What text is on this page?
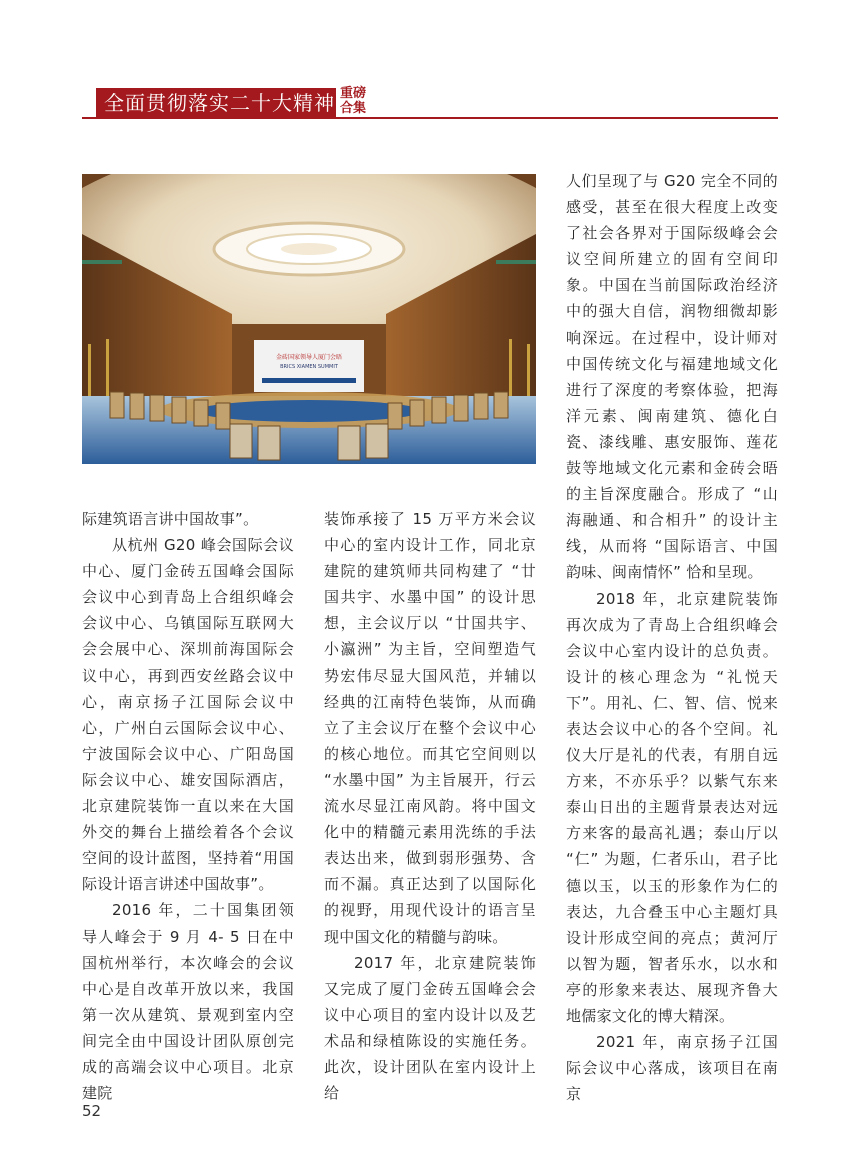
全面贯彻落实二十大精神 重磅
合集
金砖国家领导人厦门会晤
BRICS XIAMEN SUMMIT

际建筑语言讲中国故事”。

从杭州 G20 峰会国际会议中心、厦门金砖五国峰会国际会议中心到青岛上合组织峰会会议中心、乌镇国际互联网大会会展中心、深圳前海国际会议中心，再到西安丝路会议中心，南京扬子江国际会议中心，广州白云国际会议中心、宁波国际会议中心、广阳岛国际会议中心、雄安国际酒店，北京建院装饰一直以来在大国外交的舞台上描绘着各个会议空间的设计蓝图，坚持着“用国际设计语言讲述中国故事”。

2016 年，二十国集团领导人峰会于 9 月 4- 5 日在中国杭州举行，本次峰会的会议中心是自改革开放以来，我国第一次从建筑、景观到室内空间完全由中国设计团队原创完成的高端会议中心项目。北京建院

装饰承接了 15 万平方米会议中心的室内设计工作，同北京建院的建筑师共同构建了 “廿国共宇、水墨中国” 的设计思想，主会议厅以 “廿国共宇、小瀛洲” 为主旨，空间塑造气势宏伟尽显大国风范，并辅以经典的江南特色装饰，从而确立了主会议厅在整个会议中心的核心地位。而其它空间则以 “水墨中国” 为主旨展开，行云流水尽显江南风韵。将中国文化中的精髓元素用洗练的手法表达出来，做到弱形强势、含而不漏。真正达到了以国际化的视野，用现代设计的语言呈现中国文化的精髓与韵味。

2017 年，北京建院装饰又完成了厦门金砖五国峰会会议中心项目的室内设计以及艺术品和绿植陈设的实施任务。此次，设计团队在室内设计上给

人们呈现了与 G20 完全不同的感受，甚至在很大程度上改变了社会各界对于国际级峰会会议空间所建立的固有空间印象。中国在当前国际政治经济中的强大自信，润物细微却影响深远。在过程中，设计师对中国传统文化与福建地域文化进行了深度的考察体验，把海洋元素、闽南建筑、德化白瓷、漆线雕、惠安服饰、莲花鼓等地域文化元素和金砖会晤的主旨深度融合。形成了 “山海融通、和合相升” 的设计主线，从而将 “国际语言、中国韵味、闽南情怀” 恰和呈现。

2018 年，北京建院装饰再次成为了青岛上合组织峰会会议中心室内设计的总负责。设计的核心理念为 “礼悦天下”。用礼、仁、智、信、悦来表达会议中心的各个空间。礼仪大厅是礼的代表，有朋自远方来，不亦乐乎？以紫气东来泰山日出的主题背景表达对远方来客的最高礼遇；泰山厅以 “仁” 为题，仁者乐山，君子比德以玉，以玉的形象作为仁的表达，九合叠玉中心主题灯具设计形成空间的亮点；黄河厅以智为题，智者乐水，以水和亭的形象来表达、展现齐鲁大地儒家文化的博大精深。

2021 年，南京扬子江国际会议中心落成，该项目在南京

52
